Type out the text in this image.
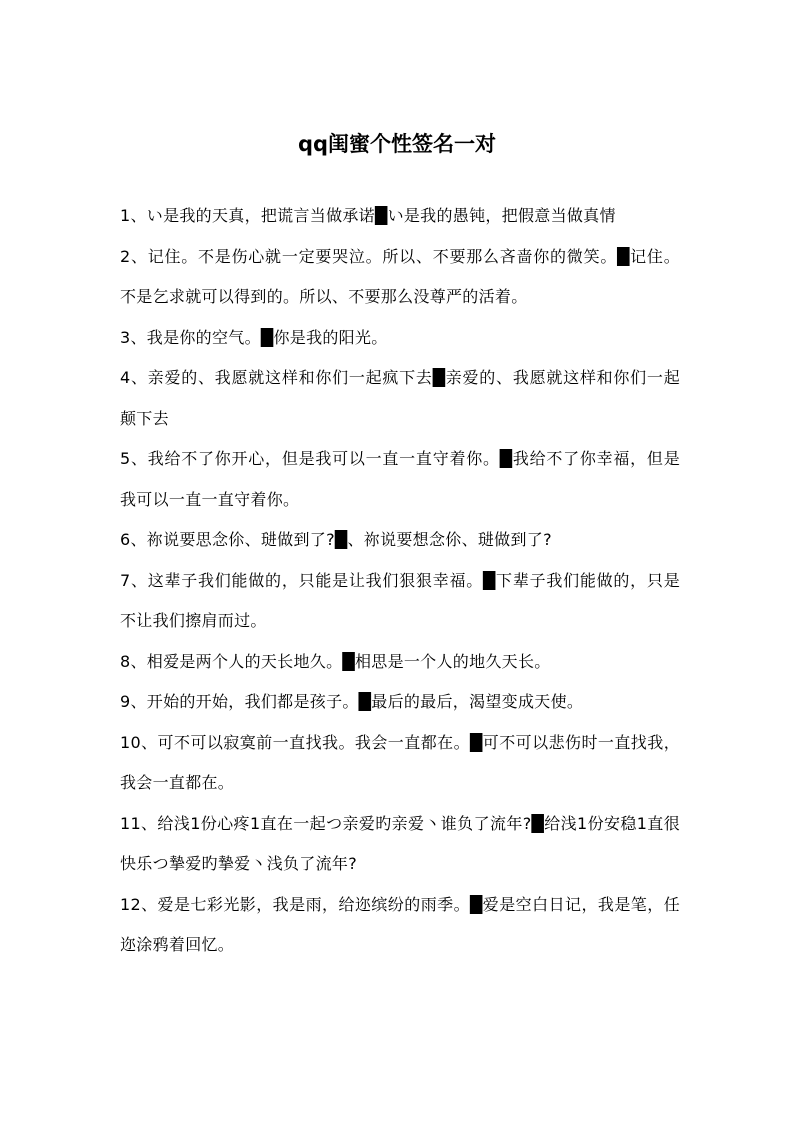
qq闺蜜个性签名一对

1、い是我的天真，把谎言当做承诺█い是我的愚钝，把假意当做真情

2、记住。不是伤心就一定要哭泣。所以、不要那么吝啬你的微笑。█记住。不是乞求就可以得到的。所以、不要那么没尊严的活着。

3、我是你的空气。█你是我的阳光。

4、亲爱的、我愿就这样和你们一起疯下去█亲爱的、我愿就这样和你们一起颠下去

5、我给不了你开心，但是我可以一直一直守着你。█我给不了你幸福，但是我可以一直一直守着你。

6、祢说要思念伱、琎做到了?█、祢说要想念伱、琎做到了?

7、这辈子我们能做的，只能是让我们狠狠幸福。█下辈子我们能做的，只是不让我们擦肩而过。

8、相爱是两个人的天长地久。█相思是一个人的地久天长。

9、开始的开始，我们都是孩子。█最后的最后，渴望变成天使。

10、可不可以寂寞前一直找我。我会一直都在。█可不可以悲伤时一直找我，我会一直都在。

11、给浅1份心疼1直在一起つ亲爱旳亲爱丶谁负了流年?█给浅1份安稳1直很快乐つ摯爱旳摯爱丶浅负了流年?

12、爱是七彩光影，我是雨，给迩缤纷的雨季。█爱是空白日记，我是笔，任迩涂鸦着回忆。
